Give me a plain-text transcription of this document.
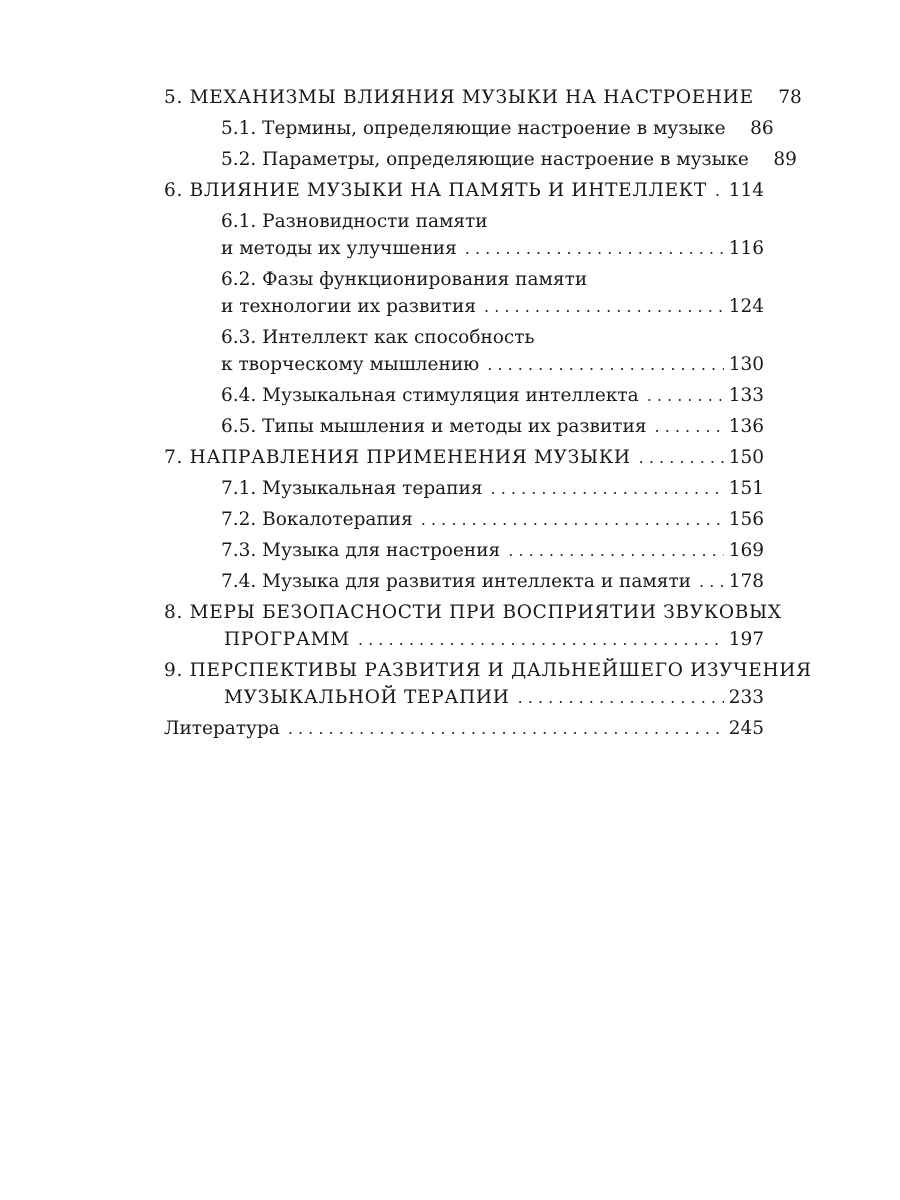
5. МЕХАНИЗМЫ ВЛИЯНИЯ МУЗЫКИ НА НАСТРОЕНИЕ	78
5.1. Термины, определяющие настроение в музыке	86
5.2. Параметры, определяющие настроение в музыке	89
6. ВЛИЯНИЕ МУЗЫКИ НА ПАМЯТЬ И ИНТЕЛЛЕКТ . . . 114
6.1. Разновидности памяти
и методы их улучшения . . .	116
6.2. Фазы функционирования памяти
и технологии их развития . . .	124
6.3. Интеллект как способность
к творческому мышлению . . .	130
6.4. Музыкальная стимуляция интеллекта . . .	133
6.5. Типы мышления и методы их развития . . .	136
7. НАПРАВЛЕНИЯ ПРИМЕНЕНИЯ МУЗЫКИ . . .	150
7.1. Музыкальная терапия . . .	151
7.2. Вокалотерапия . . .	156
7.3. Музыка для настроения . . .	169
7.4. Музыка для развития интеллекта и памяти . . . 178
8. МЕРЫ БЕЗОПАСНОСТИ ПРИ ВОСПРИЯТИИ ЗВУКОВЫХ
ПРОГРАММ . . .	197
9. ПЕРСПЕКТИВЫ РАЗВИТИЯ И ДАЛЬНЕЙШЕГО ИЗУЧЕНИЯ
МУЗЫКАЛЬНОЙ ТЕРАПИИ . . .	233
Литература . . .	245
